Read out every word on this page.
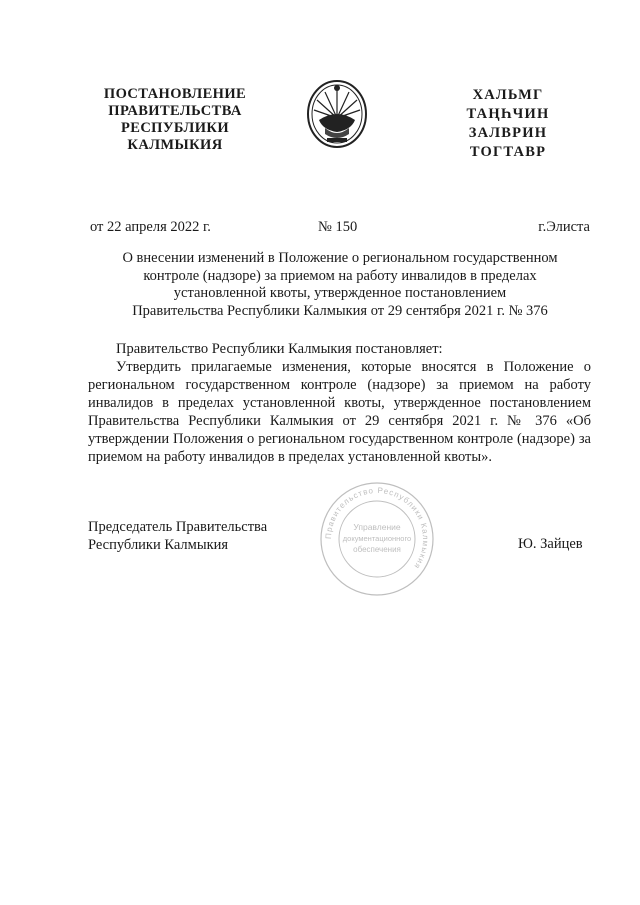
ПОСТАНОВЛЕНИЕ
ПРАВИТЕЛЬСТВА
РЕСПУБЛИКИ
КАЛМЫКИЯ
ХАЛЬМГ
ТАҢҺЧИН
ЗАЛВРИН
ТОГТАВР
от 22 апреля 2022 г.	№ 150	г.Элиста
О внесении изменений в Положение о региональном государственном
контроле (надзоре) за приемом на работу инвалидов в пределах
установленной квоты, утвержденное постановлением
Правительства Республики Калмыкия от 29 сентября 2021 г. № 376

Правительство Республики Калмыкия постановляет:

Утвердить прилагаемые изменения, которые вносятся в Положение о региональном государственном контроле (надзоре) за приемом на работу инвалидов в пределах установленной квоты, утвержденное постановлением Правительства Республики Калмыкия от 29 сентября 2021 г. № 376 «Об утверждении Положения о региональном государственном контроле (надзоре) за приемом на работу инвалидов в пределах установленной квоты».

Председатель Правительства
Республики Калмыкия
Правительство Республики Калмыкия
Управление
документационного
обеспечения	Ю. Зайцев
